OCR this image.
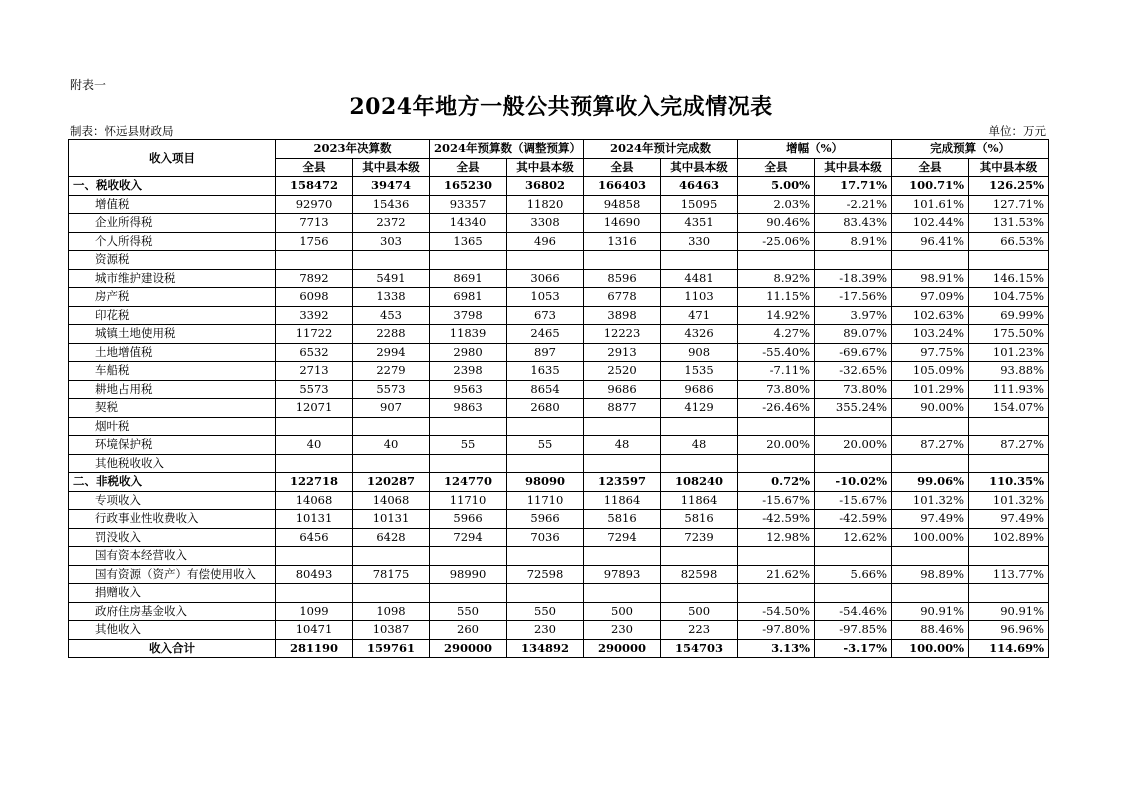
附表一
2024年地方一般公共预算收入完成情况表
制表：怀远县财政局	单位：万元
收入项目	2023年决算数		2024年预算数（调整预算）		2024年预计完成数		增幅（%）		完成预算（%）	
	全县	其中县本级	全县	其中县本级	全县	其中县本级	全县	其中县本级	全县	其中县本级
一、税收收入	158472	39474	165230	36802	166403	46463	5.00%	17.71%	100.71%	126.25%
增值税	92970	15436	93357	11820	94858	15095	2.03%	-2.21%	101.61%	127.71%
企业所得税	7713	2372	14340	3308	14690	4351	90.46%	83.43%	102.44%	131.53%
个人所得税	1756	303	1365	496	1316	330	-25.06%	8.91%	96.41%	66.53%
资源税										
城市维护建设税	7892	5491	8691	3066	8596	4481	8.92%	-18.39%	98.91%	146.15%
房产税	6098	1338	6981	1053	6778	1103	11.15%	-17.56%	97.09%	104.75%
印花税	3392	453	3798	673	3898	471	14.92%	3.97%	102.63%	69.99%
城镇土地使用税	11722	2288	11839	2465	12223	4326	4.27%	89.07%	103.24%	175.50%
土地增值税	6532	2994	2980	897	2913	908	-55.40%	-69.67%	97.75%	101.23%
车船税	2713	2279	2398	1635	2520	1535	-7.11%	-32.65%	105.09%	93.88%
耕地占用税	5573	5573	9563	8654	9686	9686	73.80%	73.80%	101.29%	111.93%
契税	12071	907	9863	2680	8877	4129	-26.46%	355.24%	90.00%	154.07%
烟叶税										
环境保护税	40	40	55	55	48	48	20.00%	20.00%	87.27%	87.27%
其他税收收入										
二、非税收入	122718	120287	124770	98090	123597	108240	0.72%	-10.02%	99.06%	110.35%
专项收入	14068	14068	11710	11710	11864	11864	-15.67%	-15.67%	101.32%	101.32%
行政事业性收费收入	10131	10131	5966	5966	5816	5816	-42.59%	-42.59%	97.49%	97.49%
罚没收入	6456	6428	7294	7036	7294	7239	12.98%	12.62%	100.00%	102.89%
国有资本经营收入										
国有资源（资产）有偿使用收入	80493	78175	98990	72598	97893	82598	21.62%	5.66%	98.89%	113.77%
捐赠收入										
政府住房基金收入	1099	1098	550	550	500	500	-54.50%	-54.46%	90.91%	90.91%
其他收入	10471	10387	260	230	230	223	-97.80%	-97.85%	88.46%	96.96%
收入合计	281190	159761	290000	134892	290000	154703	3.13%	-3.17%	100.00%	114.69%
